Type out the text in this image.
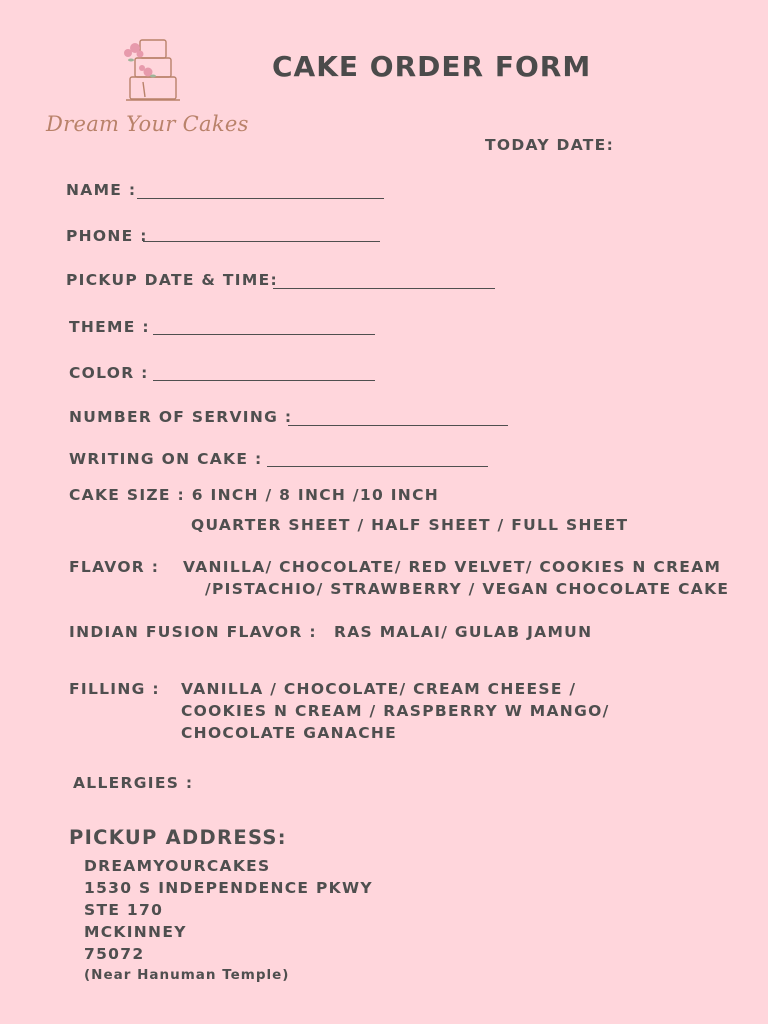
Dream Your Cakes
CAKE ORDER FORM
TODAY DATE:
NAME :
PHONE :
PICKUP DATE & TIME:
THEME :
COLOR :
NUMBER OF SERVING :
WRITING ON CAKE :
CAKE SIZE : 6 INCH / 8 INCH /10 INCH
QUARTER SHEET / HALF SHEET / FULL SHEET
FLAVOR : VANILLA/ CHOCOLATE/ RED VELVET/ COOKIES N CREAM
/PISTACHIO/ STRAWBERRY / VEGAN CHOCOLATE CAKE
INDIAN FUSION FLAVOR : RAS MALAI/ GULAB JAMUN
FILLING : VANILLA / CHOCOLATE/ CREAM CHEESE /
COOKIES N CREAM / RASPBERRY W MANGO/
CHOCOLATE GANACHE
ALLERGIES :
PICKUP ADDRESS:
DREAMYOURCAKES
1530 S INDEPENDENCE PKWY
STE 170
MCKINNEY
75072
(Near Hanuman Temple)
